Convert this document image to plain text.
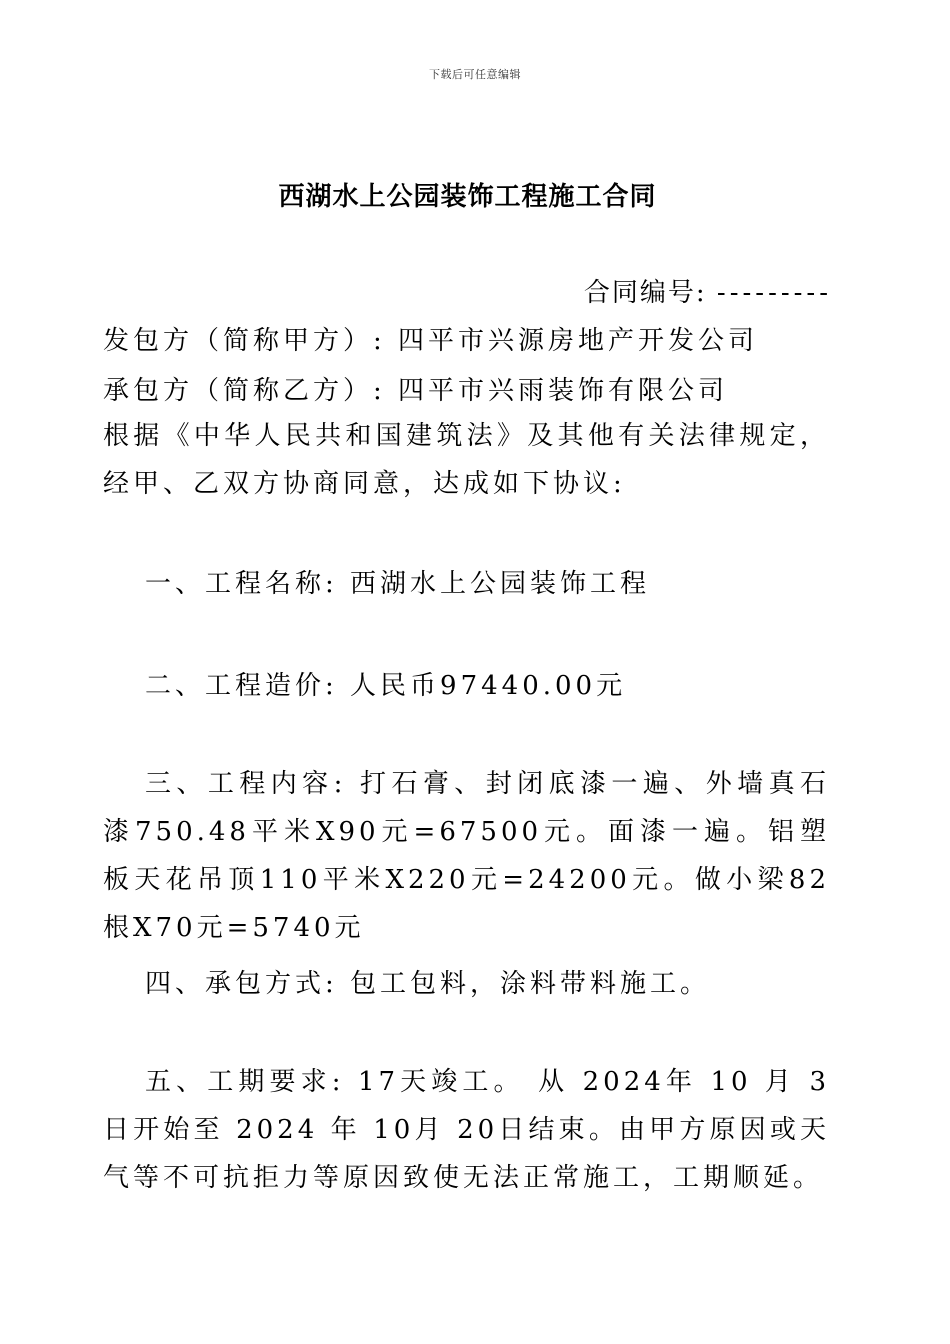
下载后可任意编辑
西湖水上公园装饰工程施工合同
合同编号: ---------
发包方（简称甲方）: 四平市兴源房地产开发公司
承包方（简称乙方）: 四平市兴雨装饰有限公司
根据《中华人民共和国建筑法》及其他有关法律规定，经甲、乙双方协商同意，达成如下协议:
一、工程名称: 西湖水上公园装饰工程
二、工程造价: 人民币97440.00元
三、工程内容: 打石膏、封闭底漆一遍、外墙真石漆750.48平米X90元=67500元。面漆一遍。铝塑板天花吊顶110平米X220元=24200元。做小梁82根X70元=5740元
四、承包方式: 包工包料，涂料带料施工。
五、工期要求: 17天竣工。 从 2024年 10 月 3日开始至 2024 年 10月 20日结束。由甲方原因或天气等不可抗拒力等原因致使无法正常施工，工期顺延。
